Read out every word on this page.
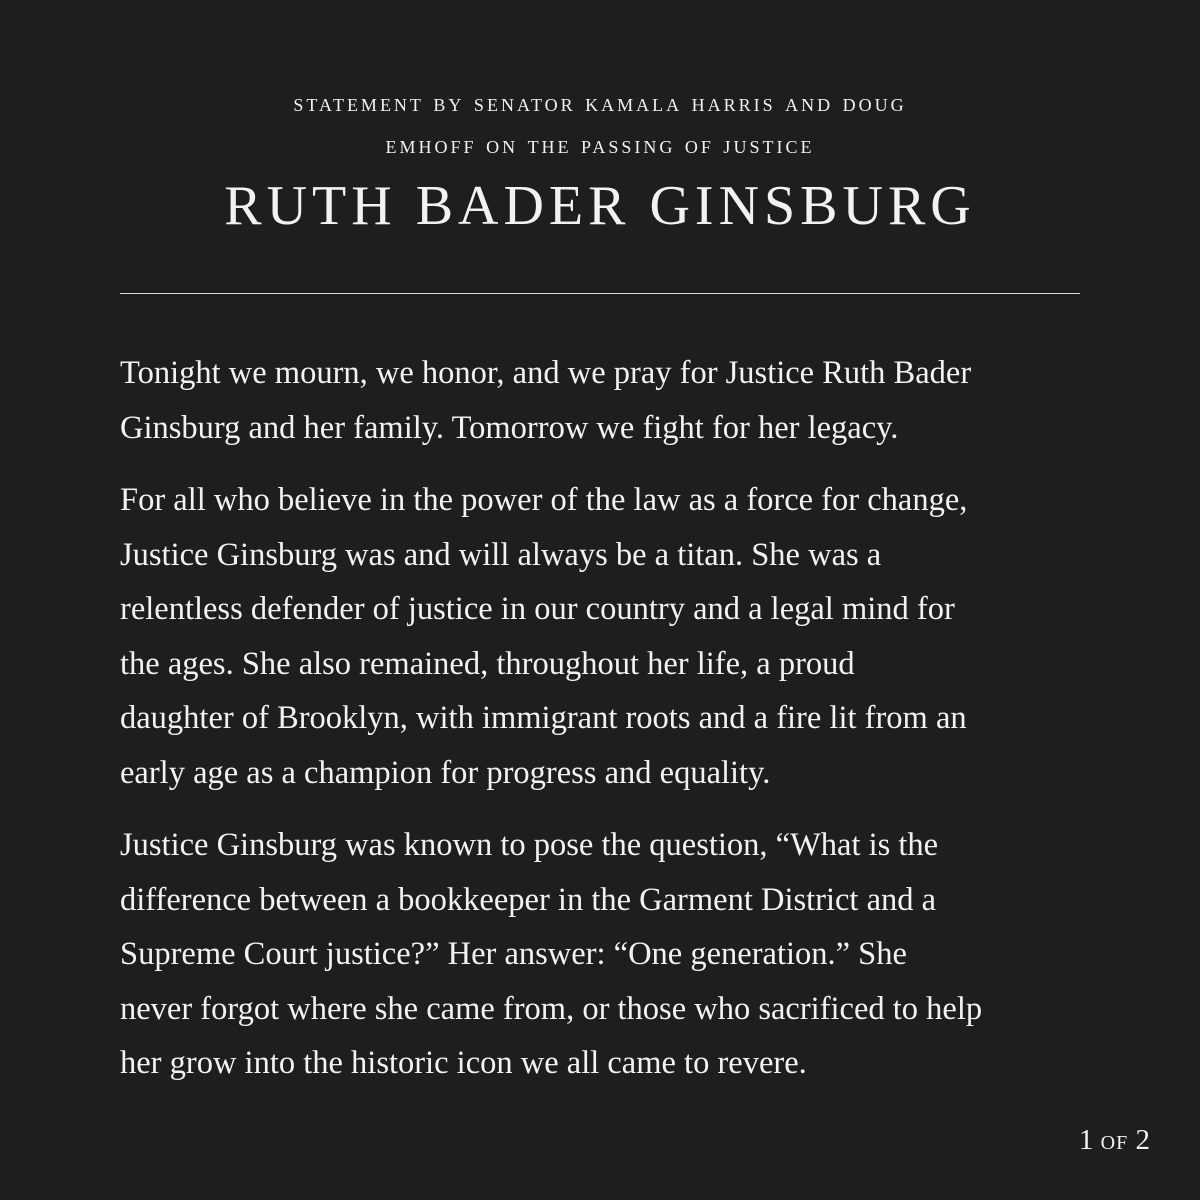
statement by senator kamala harris and doug
emhoff on the passing of justice
RUTH BADER GINSBURG

Tonight we mourn, we honor, and we pray for Justice Ruth Bader
Ginsburg and her family. Tomorrow we fight for her legacy.

For all who believe in the power of the law as a force for change,
Justice Ginsburg was and will always be a titan. She was a
relentless defender of justice in our country and a legal mind for
the ages. She also remained, throughout her life, a proud
daughter of Brooklyn, with immigrant roots and a fire lit from an
early age as a champion for progress and equality.

Justice Ginsburg was known to pose the question, “What is the
difference between a bookkeeper in the Garment District and a
Supreme Court justice?” Her answer: “One generation.” She
never forgot where she came from, or those who sacrificed to help
her grow into the historic icon we all came to revere.

1 of 2
